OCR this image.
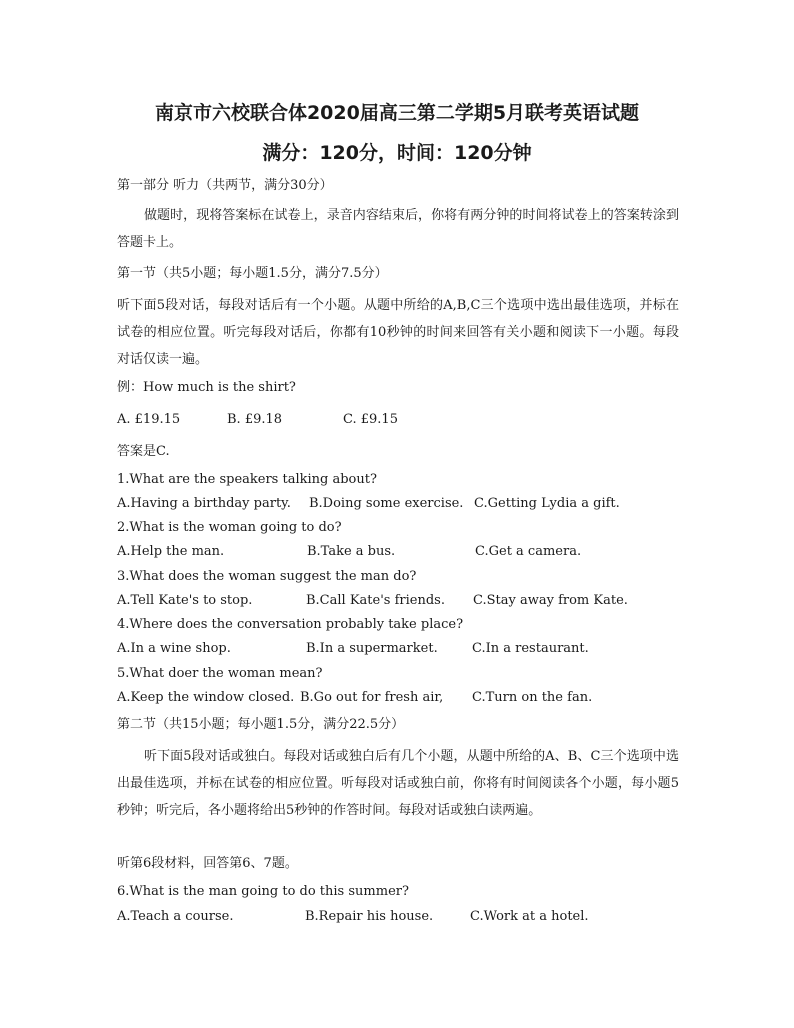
南京市六校联合体2020届高三第二学期5月联考英语试题
满分：120分，时间：120分钟
第一部分 听力（共两节，满分30分）
做题时，现将答案标在试卷上，录音内容结束后，你将有两分钟的时间将试卷上的答案转涂到答题卡上。
第一节（共5小题；每小题1.5分，满分7.5分）
听下面5段对话，每段对话后有一个小题。从题中所给的A,B,C三个选项中选出最佳选项，并标在试卷的相应位置。听完每段对话后，你都有10秒钟的时间来回答有关小题和阅读下一小题。每段对话仅读一遍。
例：How much is the shirt?
A. £19.15	B. £9.18	C. £9.15
答案是C.
1.What are the speakers talking about?
A.Having a birthday party. B.Doing some exercise. C.Getting Lydia a gift.
2.What is the woman going to do?
A.Help the man.	B.Take a bus.	C.Get a camera.
3.What does the woman suggest the man do?
A.Tell Kate's to stop.	B.Call Kate's friends. C.Stay away from Kate.
4.Where does the conversation probably take place?
A.In a wine shop.	B.In a supermarket.	C.In a restaurant.
5.What doer the woman mean?
A.Keep the window closed. B.Go out for fresh air, C.Turn on the fan.
第二节（共15小题；每小题1.5分，满分22.5分）
听下面5段对话或独白。每段对话或独白后有几个小题，从题中所给的A、B、C三个选项中选出最佳选项，并标在试卷的相应位置。听每段对话或独白前，你将有时间阅读各个小题，每小题5秒钟；听完后，各小题将给出5秒钟的作答时间。每段对话或独白读两遍。
听第6段材料，回答第6、7题。
6.What is the man going to do this summer?
A.Teach a course.	B.Repair his house.	C.Work at a hotel.
